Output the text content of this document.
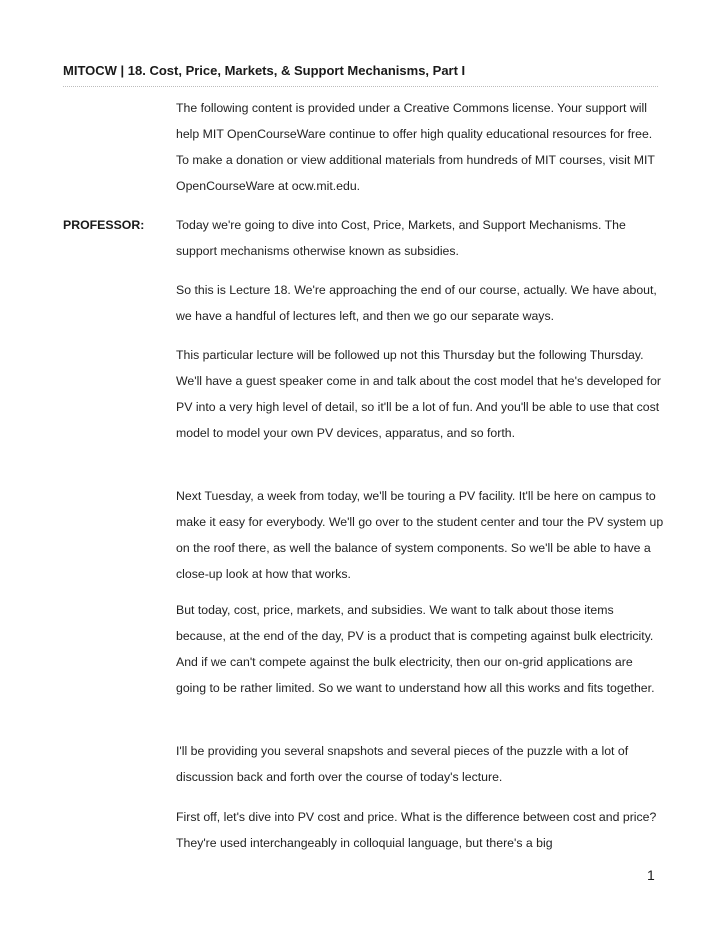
MITOCW | 18. Cost, Price, Markets, & Support Mechanisms, Part I
The following content is provided under a Creative Commons license. Your support will help MIT OpenCourseWare continue to offer high quality educational resources for free. To make a donation or view additional materials from hundreds of MIT courses, visit MIT OpenCourseWare at ocw.mit.edu.
PROFESSOR:	Today we're going to dive into Cost, Price, Markets, and Support Mechanisms. The support mechanisms otherwise known as subsidies.
So this is Lecture 18. We're approaching the end of our course, actually. We have about, we have a handful of lectures left, and then we go our separate ways.
This particular lecture will be followed up not this Thursday but the following Thursday. We'll have a guest speaker come in and talk about the cost model that he's developed for PV into a very high level of detail, so it'll be a lot of fun. And you'll be able to use that cost model to model your own PV devices, apparatus, and so forth.
Next Tuesday, a week from today, we'll be touring a PV facility. It'll be here on campus to make it easy for everybody. We'll go over to the student center and tour the PV system up on the roof there, as well the balance of system components. So we'll be able to have a close-up look at how that works.
But today, cost, price, markets, and subsidies. We want to talk about those items because, at the end of the day, PV is a product that is competing against bulk electricity. And if we can't compete against the bulk electricity, then our on-grid applications are going to be rather limited. So we want to understand how all this works and fits together.
I'll be providing you several snapshots and several pieces of the puzzle with a lot of discussion back and forth over the course of today's lecture.
First off, let's dive into PV cost and price. What is the difference between cost and price? They're used interchangeably in colloquial language, but there's a big
1
